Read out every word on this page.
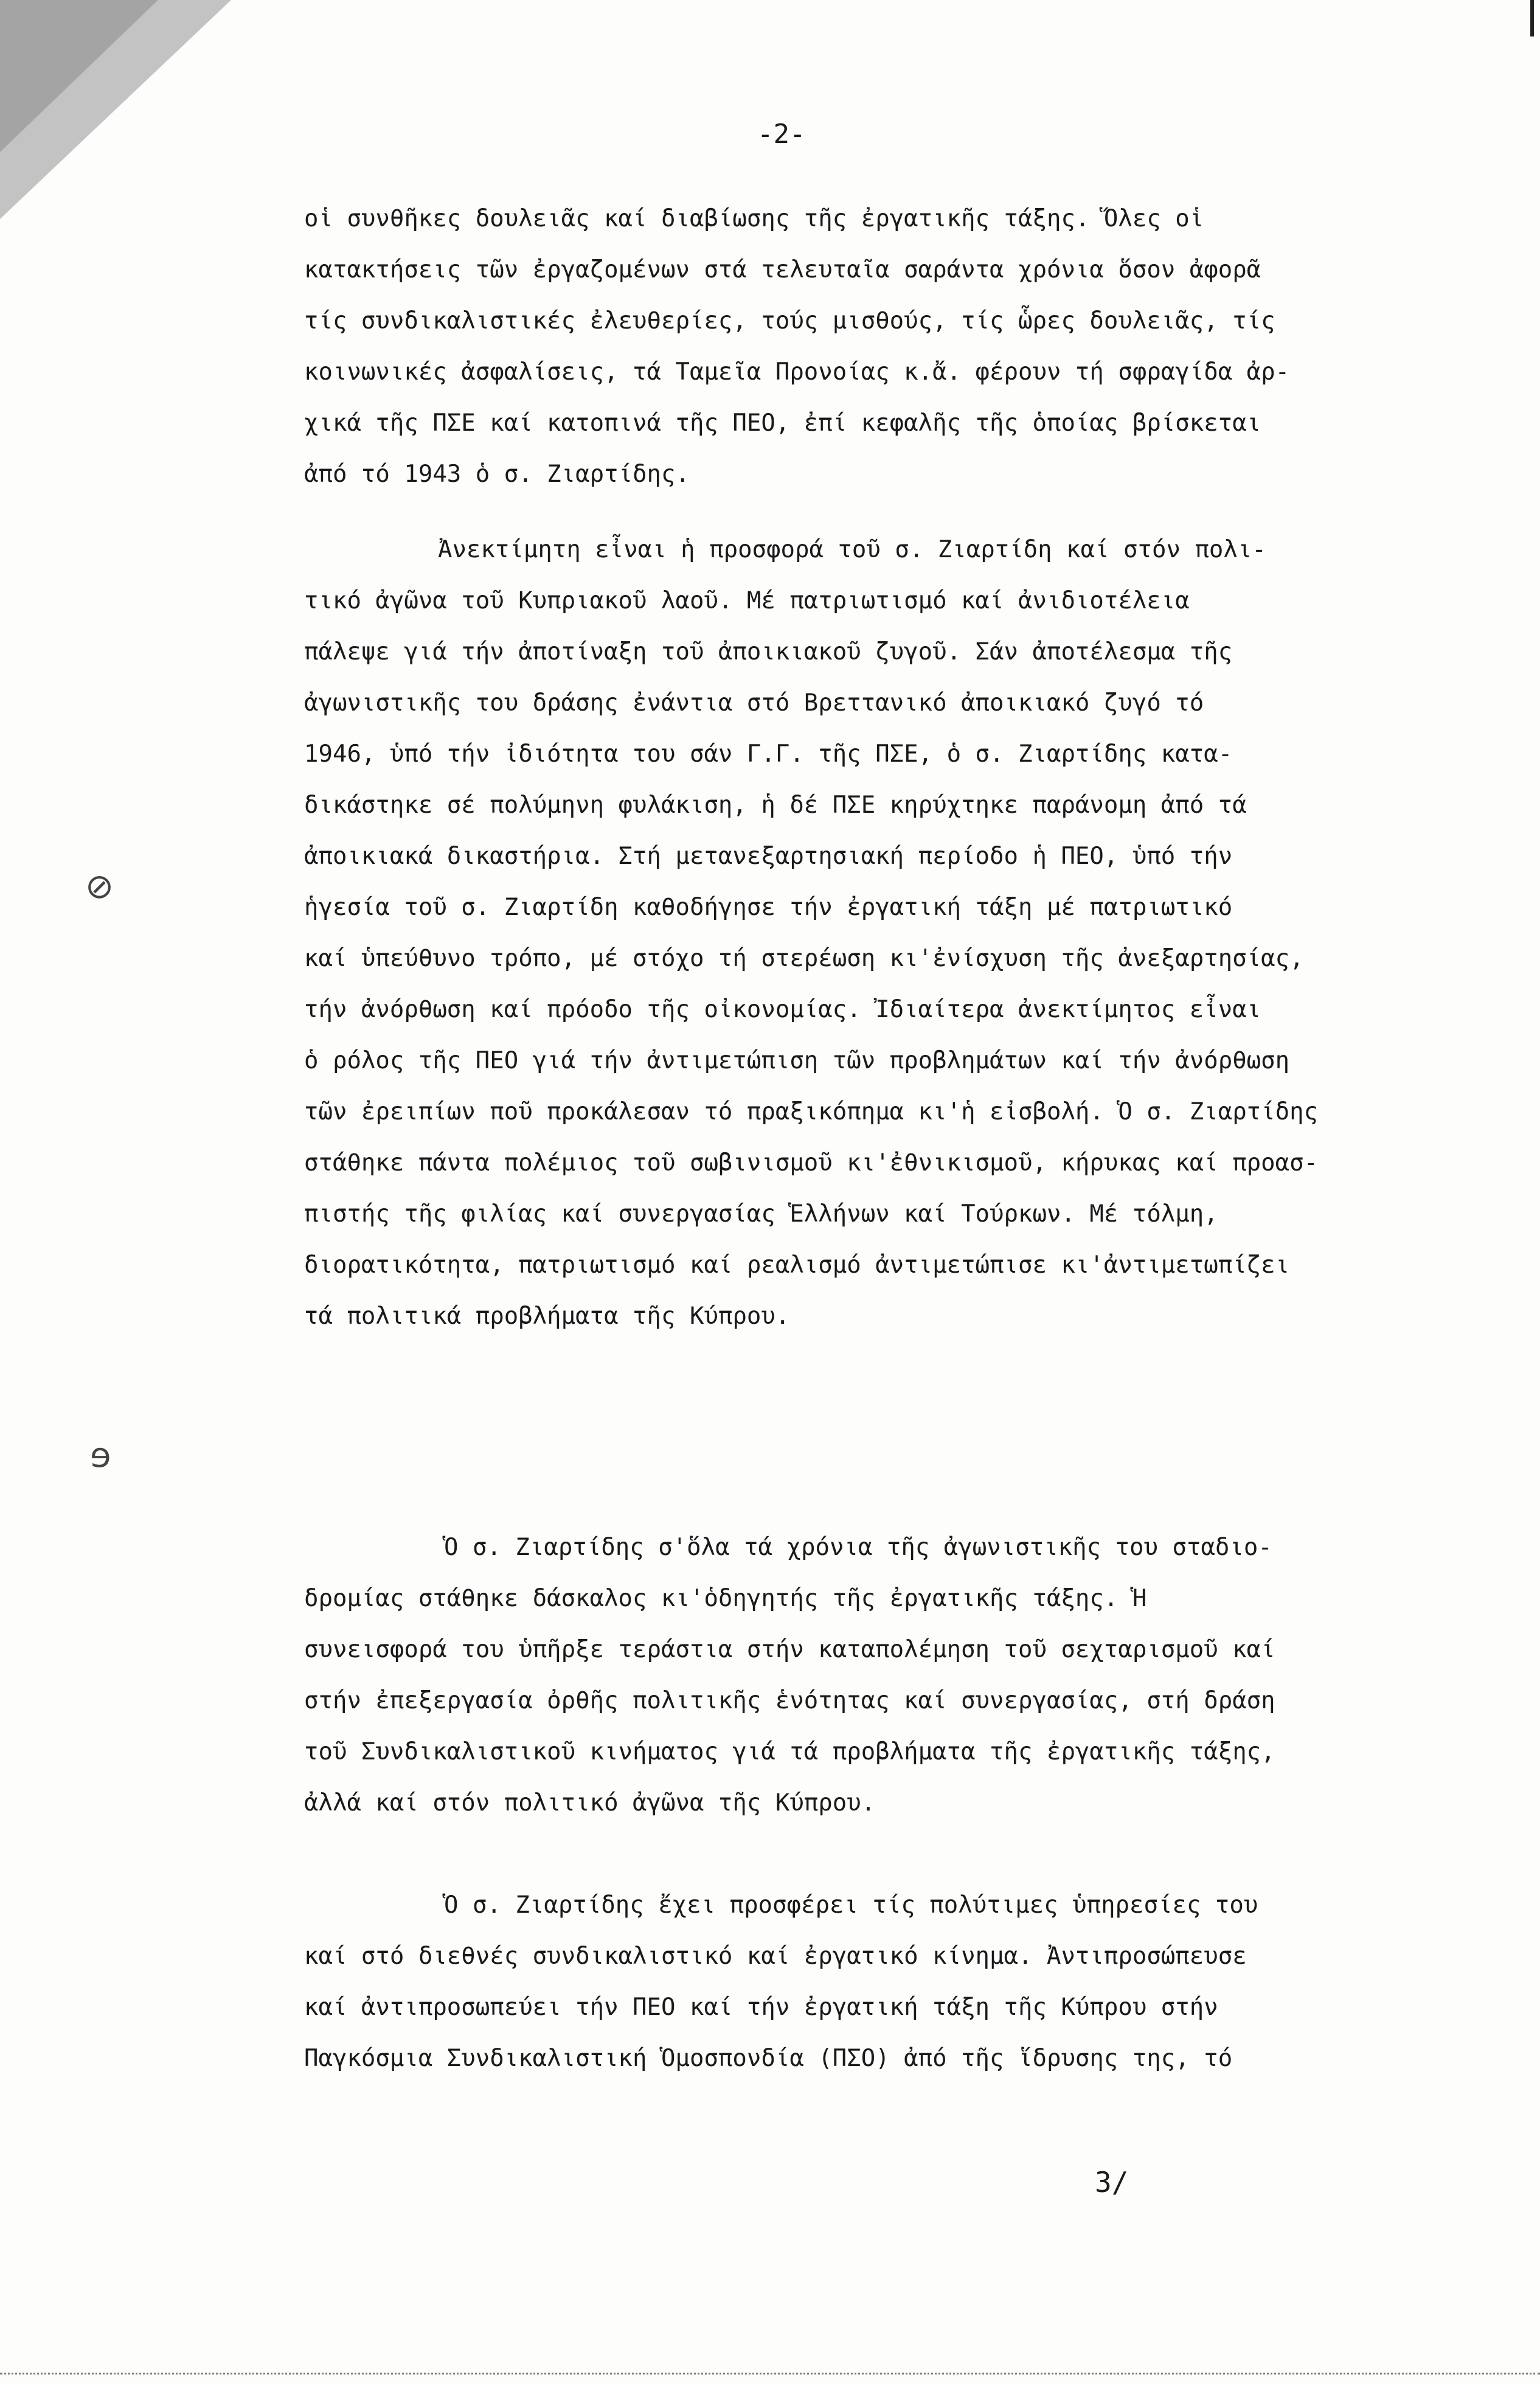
-2-
⊘
ɘ

οἱ συνθῆκες δουλειᾶς καί διαβίωσης τῆς ἐργατικῆς τάξης. Ὅλες οἱ

κατακτήσεις τῶν ἐργαζομένων στά τελευταῖα σαράντα χρόνια ὅσον ἀφορᾶ

τίς συνδικαλιστικές ἐλευθερίες, τούς μισθούς, τίς ὧρες δουλειᾶς, τίς

κοινωνικές ἀσφαλίσεις, τά Ταμεῖα Προνοίας κ.ἄ. φέρουν τή σφραγίδα ἀρ-

χικά τῆς ΠΣΕ καί κατοπινά τῆς ΠΕΟ, ἐπί κεφαλῆς τῆς ὁποίας βρίσκεται

ἀπό τό 1943 ὁ σ. Ζιαρτίδης.

Ἀνεκτίμητη εἶναι ἡ προσφορά τοῦ σ. Ζιαρτίδη καί στόν πολι-

τικό ἀγῶνα τοῦ Κυπριακοῦ λαοῦ. Μέ πατριωτισμό καί ἀνιδιοτέλεια

πάλεψε γιά τήν ἀποτίναξη τοῦ ἀποικιακοῦ ζυγοῦ. Σάν ἀποτέλεσμα τῆς

ἀγωνιστικῆς του δράσης ἐνάντια στό Βρεττανικό ἀποικιακό ζυγό τό

1946, ὑπό τήν ἰδιότητα του σάν Γ.Γ. τῆς ΠΣΕ, ὁ σ. Ζιαρτίδης κατα-

δικάστηκε σέ πολύμηνη φυλάκιση, ἡ δέ ΠΣΕ κηρύχτηκε παράνομη ἀπό τά

ἀποικιακά δικαστήρια. Στή μετανεξαρτησιακή περίοδο ἡ ΠΕΟ, ὑπό τήν

ἡγεσία τοῦ σ. Ζιαρτίδη καθοδήγησε τήν ἐργατική τάξη μέ πατριωτικό

καί ὑπεύθυνο τρόπο, μέ στόχο τή στερέωση κι'ἐνίσχυση τῆς ἀνεξαρτησίας,

τήν ἀνόρθωση καί πρόοδο τῆς οἰκονομίας. Ἰδιαίτερα ἀνεκτίμητος εἶναι

ὁ ρόλος τῆς ΠΕΟ γιά τήν ἀντιμετώπιση τῶν προβλημάτων καί τήν ἀνόρθωση

τῶν ἐρειπίων ποῦ προκάλεσαν τό πραξικόπημα κι'ἡ εἰσβολή. Ὁ σ. Ζιαρτίδης

στάθηκε πάντα πολέμιος τοῦ σωβινισμοῦ κι'ἐθνικισμοῦ, κήρυκας καί προασ-

πιστής τῆς φιλίας καί συνεργασίας Ἑλλήνων καί Τούρκων. Μέ τόλμη,

διορατικότητα, πατριωτισμό καί ρεαλισμό ἀντιμετώπισε κι'ἀντιμετωπίζει

τά πολιτικά προβλήματα τῆς Κύπρου.

Ὁ σ. Ζιαρτίδης σ'ὅλα τά χρόνια τῆς ἀγωνιστικῆς του σταδιο-

δρομίας στάθηκε δάσκαλος κι'ὁδηγητής τῆς ἐργατικῆς τάξης. Ἡ

συνεισφορά του ὑπῆρξε τεράστια στήν καταπολέμηση τοῦ σεχταρισμοῦ καί

στήν ἐπεξεργασία ὀρθῆς πολιτικῆς ἑνότητας καί συνεργασίας, στή δράση

τοῦ Συνδικαλιστικοῦ κινήματος γιά τά προβλήματα τῆς ἐργατικῆς τάξης,

ἀλλά καί στόν πολιτικό ἀγῶνα τῆς Κύπρου.

Ὁ σ. Ζιαρτίδης ἔχει προσφέρει τίς πολύτιμες ὑπηρεσίες του

καί στό διεθνές συνδικαλιστικό καί ἐργατικό κίνημα. Ἀντιπροσώπευσε

καί ἀντιπροσωπεύει τήν ΠΕΟ καί τήν ἐργατική τάξη τῆς Κύπρου στήν

Παγκόσμια Συνδικαλιστική Ὁμοσπονδία (ΠΣΟ) ἀπό τῆς ἵδρυσης της, τό

3/
